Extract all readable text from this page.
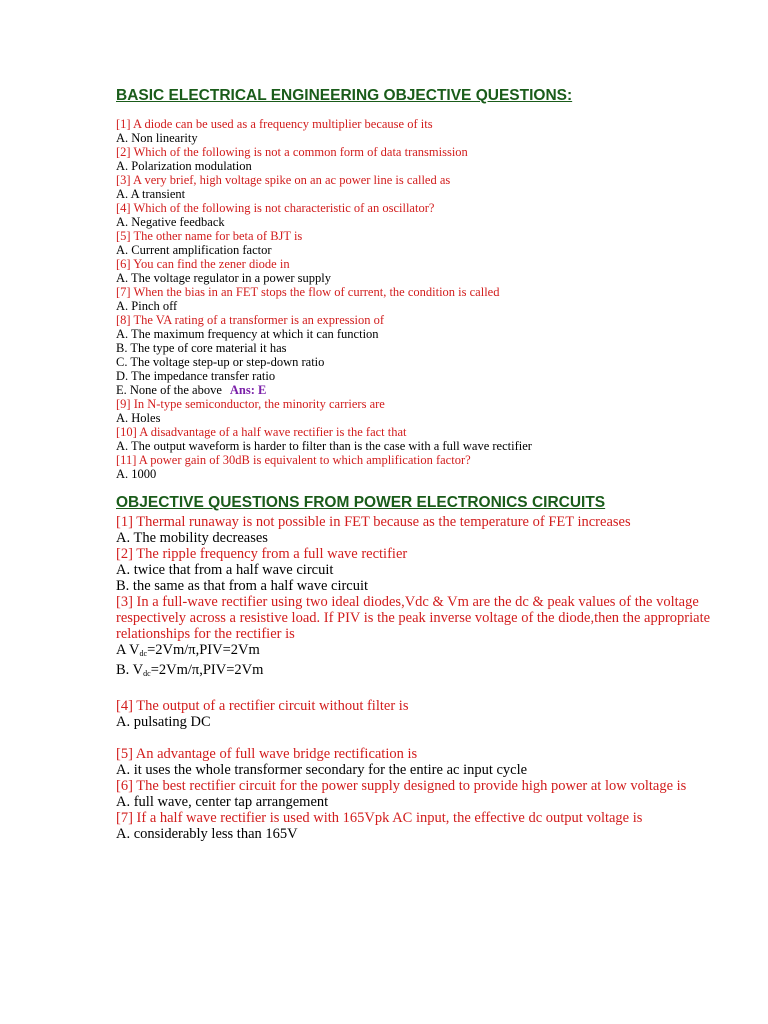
BASIC ELECTRICAL ENGINEERING OBJECTIVE QUESTIONS:
[1] A diode can be used as a frequency multiplier because of its
A. Non linearity
[2] Which of the following is not a common form of data transmission
A. Polarization modulation
[3] A very brief, high voltage spike on an ac power line is called as
A. A transient
[4] Which of the following is not characteristic of an oscillator?
A. Negative feedback
[5] The other name for beta of BJT is
A. Current amplification factor
[6] You can find the zener diode in
A. The voltage regulator in a power supply
[7] When the bias in an FET stops the flow of current, the condition is called
A. Pinch off
[8] The VA rating of a transformer is an expression of
A. The maximum frequency at which it can function
B. The type of core material it has
C. The voltage step-up or step-down ratio
D. The impedance transfer ratio
E. None of the above Ans: E
[9] In N-type semiconductor, the minority carriers are
A. Holes
[10] A disadvantage of a half wave rectifier is the fact that
A. The output waveform is harder to filter than is the case with a full wave rectifier
[11] A power gain of 30dB is equivalent to which amplification factor?
A. 1000
OBJECTIVE QUESTIONS FROM POWER ELECTRONICS CIRCUITS
[1] Thermal runaway is not possible in FET because as the temperature of FET increases
A. The mobility decreases
[2] The ripple frequency from a full wave rectifier
A. twice that from a half wave circuit
B. the same as that from a half wave circuit
[3] In a full-wave rectifier using two ideal diodes,Vdc & Vm are the dc & peak values of the voltage respectively across a resistive load. If PIV is the peak inverse voltage of the diode,then the appropriate relationships for the rectifier is
A $V_{dc}=2Vm/\pi,PIV=2Vm$
B. $V_{dc}=2Vm/\pi,PIV=2Vm$
[4] The output of a rectifier circuit without filter is
A. pulsating DC
[5] An advantage of full wave bridge rectification is
A. it uses the whole transformer secondary for the entire ac input cycle
[6] The best rectifier circuit for the power supply designed to provide high power at low voltage is
A. full wave, center tap arrangement
[7] If a half wave rectifier is used with 165Vpk AC input, the effective dc output voltage is
A. considerably less than 165V
